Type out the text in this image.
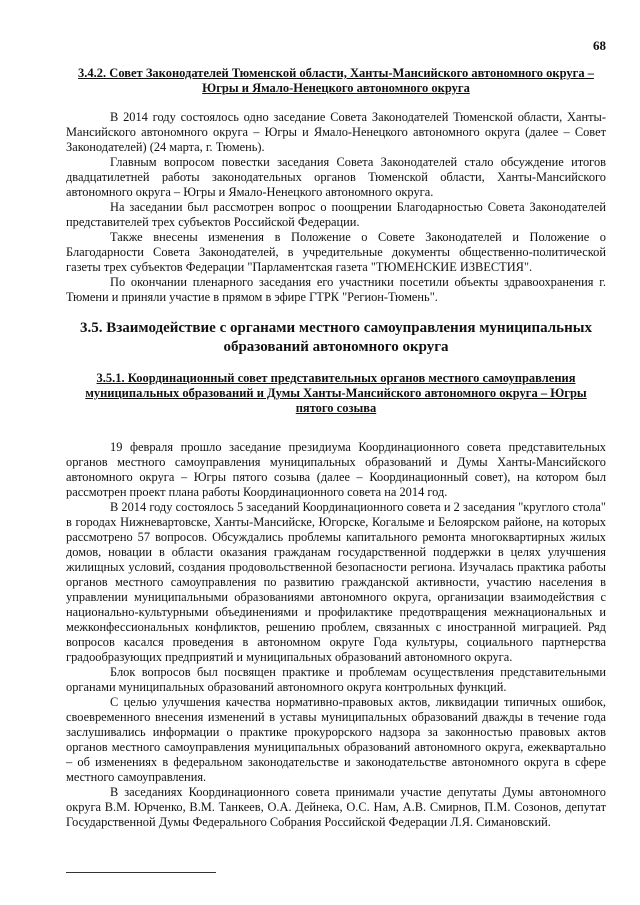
68
3.4.2. Совет Законодателей Тюменской области, Ханты-Мансийского автономного округа – Югры и Ямало-Ненецкого автономного округа

В 2014 году состоялось одно заседание Совета Законодателей Тюменской области, Ханты-Мансийского автономного округа – Югры и Ямало-Ненецкого автономного округа (далее – Совет Законодателей) (24 марта, г. Тюмень).

Главным вопросом повестки заседания Совета Законодателей стало обсуждение итогов двадцатилетней работы законодательных органов Тюменской области, Ханты-Мансийского автономного округа – Югры и Ямало-Ненецкого автономного округа.

На заседании был рассмотрен вопрос о поощрении Благодарностью Совета Законодателей представителей трех субъектов Российской Федерации.

Также внесены изменения в Положение о Совете Законодателей и Положение о Благодарности Совета Законодателей, в учредительные документы общественно-политической газеты трех субъектов Федерации "Парламентская газета "ТЮМЕНСКИЕ ИЗВЕСТИЯ".

По окончании пленарного заседания его участники посетили объекты здравоохранения г. Тюмени и приняли участие в прямом в эфире ГТРК "Регион-Тюмень".

3.5. Взаимодействие с органами местного самоуправления муниципальных образований автономного округа
3.5.1. Координационный совет представительных органов местного самоуправления муниципальных образований и Думы Ханты-Мансийского автономного округа – Югры пятого созыва

19 февраля прошло заседание президиума Координационного совета представительных органов местного самоуправления муниципальных образований и Думы Ханты-Мансийского автономного округа – Югры пятого созыва (далее – Координационный совет), на котором был рассмотрен проект плана работы Координационного совета на 2014 год.

В 2014 году состоялось 5 заседаний Координационного совета и 2 заседания "круглого стола" в городах Нижневартовске, Ханты-Мансийске, Югорске, Когалыме и Белоярском районе, на которых рассмотрено 57 вопросов. Обсуждались проблемы капитального ремонта многоквартирных жилых домов, новации в области оказания гражданам государственной поддержки в целях улучшения жилищных условий, создания продовольственной безопасности региона. Изучалась практика работы органов местного самоуправления по развитию гражданской активности, участию населения в управлении муниципальными образованиями автономного округа, организации взаимодействия с национально-культурными объединениями и профилактике предотвращения межнациональных и межконфессиональных конфликтов, решению проблем, связанных с иностранной миграцией. Ряд вопросов касался проведения в автономном округе Года культуры, социального партнерства градообразующих предприятий и муниципальных образований автономного округа.

Блок вопросов был посвящен практике и проблемам осуществления представительными органами муниципальных образований автономного округа контрольных функций.

С целью улучшения качества нормативно-правовых актов, ликвидации типичных ошибок, своевременного внесения изменений в уставы муниципальных образований дважды в течение года заслушивались информации о практике прокурорского надзора за законностью правовых актов органов местного самоуправления муниципальных образований автономного округа, ежеквартально – об изменениях в федеральном законодательстве и законодательстве автономного округа в сфере местного самоуправления.

В заседаниях Координационного совета принимали участие депутаты Думы автономного округа В.М. Юрченко, В.М. Танкеев, О.А. Дейнека, О.С. Нам, А.В. Смирнов, П.М. Созонов, депутат Государственной Думы Федерального Собрания Российской Федерации Л.Я. Симановский.
